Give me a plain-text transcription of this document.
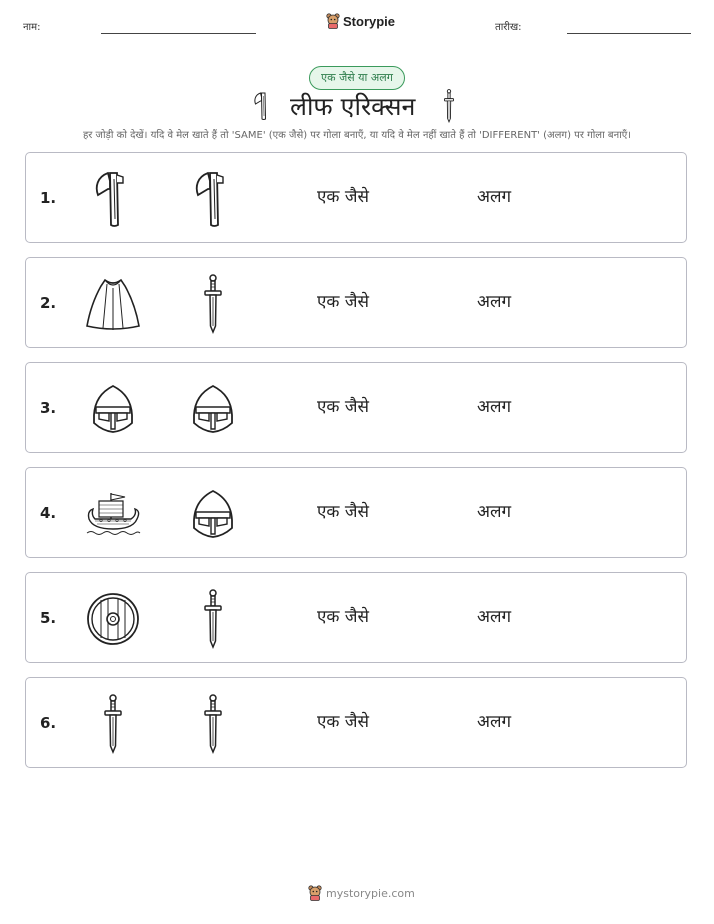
नाम:	Storypie	तारीख:
एक जैसे या अलग
लीफ एरिक्सन
हर जोड़ी को देखें। यदि वे मेल खाते हैं तो 'SAME' (एक जैसे) पर गोला बनाएँ, या यदि वे मेल नहीं खाते हैं तो 'DIFFERENT' (अलग) पर गोला बनाएँ।
1.	एक जैसे	अलग
2.	एक जैसे	अलग
3.	एक जैसे	अलग
4.	एक जैसे	अलग
5.	एक जैसे	अलग
6.	एक जैसे	अलग
mystorypie.com
